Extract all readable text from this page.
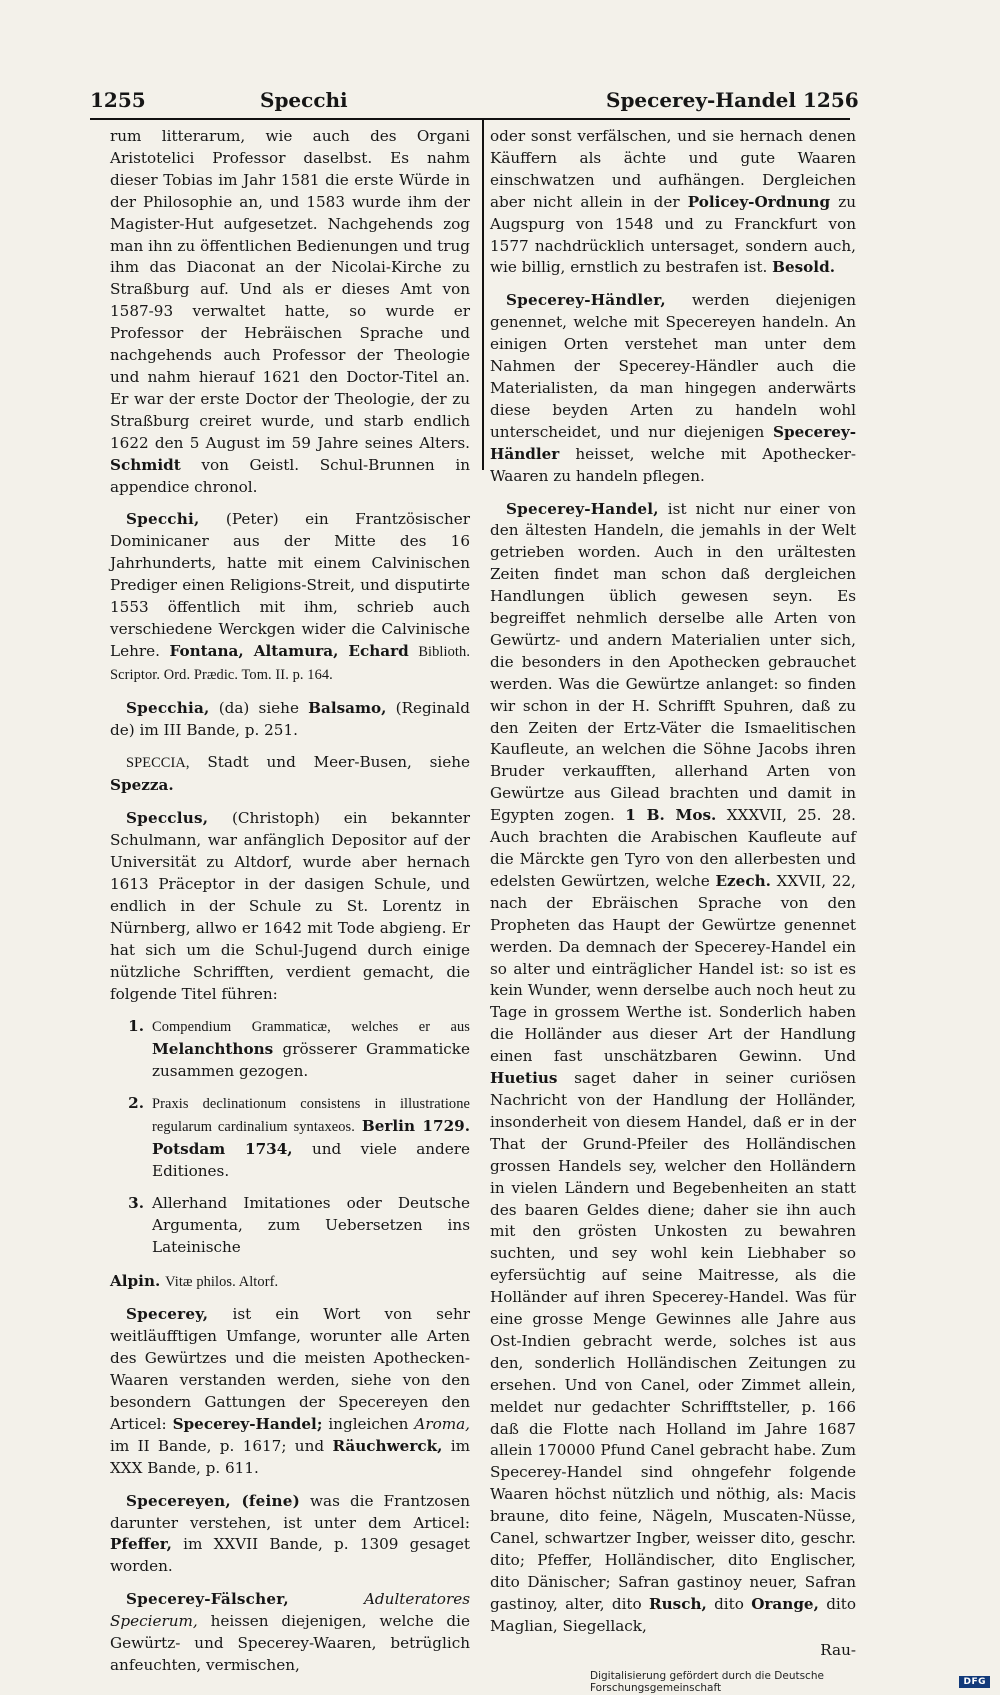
1255	Specchi	Specerey-Handel 1256

rum litterarum, wie auch des Organi Aristotelici Professor daselbst. Es nahm dieser Tobias im Jahr 1581 die erste Würde in der Philosophie an, und 1583 wurde ihm der Magister-Hut aufgesetzet. Nachgehends zog man ihn zu öffentlichen Bedienungen und trug ihm das Diaconat an der Nicolai-Kirche zu Straßburg auf. Und als er dieses Amt von 1587-93 verwaltet hatte, so wurde er Professor der Hebräischen Sprache und nachgehends auch Professor der Theologie und nahm hierauf 1621 den Doctor-Titel an. Er war der erste Doctor der Theologie, der zu Straßburg creiret wurde, und starb endlich 1622 den 5 August im 59 Jahre seines Alters. Schmidt von Geistl. Schul-Brunnen in appendice chronol.

Specchi, (Peter) ein Frantzösischer Dominicaner aus der Mitte des 16 Jahrhunderts, hatte mit einem Calvinischen Prediger einen Religions-Streit, und disputirte 1553 öffentlich mit ihm, schrieb auch verschiedene Werckgen wider die Calvinische Lehre. Fontana, Altamura, Echard Biblioth. Scriptor. Ord. Prædic. Tom. II. p. 164.

Specchia, (da) siehe Balsamo, (Reginald de) im III Bande, p. 251.

SPECCIA, Stadt und Meer-Busen, siehe Spezza.

Specclus, (Christoph) ein bekannter Schulmann, war anfänglich Depositor auf der Universität zu Altdorf, wurde aber hernach 1613 Präceptor in der dasigen Schule, und endlich in der Schule zu St. Lorentz in Nürnberg, allwo er 1642 mit Tode abgieng. Er hat sich um die Schul-Jugend durch einige nützliche Schrifften, verdient gemacht, die folgende Titel führen:

1. Compendium Grammaticæ, welches er aus Melanchthons grösserer Grammaticke zusammen gezogen.
2. Praxis declinationum consistens in illustratione regularum cardinalium syntaxeos. Berlin 1729. Potsdam 1734, und viele andere Editiones.
3. Allerhand Imitationes oder Deutsche Argumenta, zum Uebersetzen ins Lateinische

Alpin. Vitæ philos. Altorf.

Specerey, ist ein Wort von sehr weitläufftigen Umfange, worunter alle Arten des Gewürtzes und die meisten Apothecken-Waaren verstanden werden, siehe von den besondern Gattungen der Specereyen den Articel: Specerey-Handel; ingleichen Aroma, im II Bande, p. 1617; und Räuchwerck, im XXX Bande, p. 611.

Specereyen, (feine) was die Frantzosen darunter verstehen, ist unter dem Articel: Pfeffer, im XXVII Bande, p. 1309 gesaget worden.

Specerey-Fälscher,	Adulteratores Specierum, heissen diejenigen, welche die Gewürtz- und Specerey-Waaren, betrüglich anfeuchten, vermischen,

oder sonst verfälschen, und sie hernach denen Käuffern als ächte und gute Waaren einschwatzen und aufhängen. Dergleichen aber nicht allein in der Policey-Ordnung zu Augspurg von 1548 und zu Franckfurt von 1577 nachdrücklich untersaget, sondern auch, wie billig, ernstlich zu bestrafen ist. Besold.

Specerey-Händler, werden diejenigen genennet, welche mit Specereyen handeln. An einigen Orten verstehet man unter dem Nahmen der Specerey-Händler auch die Materialisten, da man hingegen anderwärts diese beyden Arten zu handeln wohl unterscheidet, und nur diejenigen Specerey-Händler heisset, welche mit Apothecker-Waaren zu handeln pflegen.

Specerey-Handel, ist nicht nur einer von den ältesten Handeln, die jemahls in der Welt getrieben worden. Auch in den urältesten Zeiten findet man schon daß dergleichen Handlungen üblich gewesen seyn. Es begreiffet nehmlich derselbe alle Arten von Gewürtz- und andern Materialien unter sich, die besonders in den Apothecken gebrauchet werden. Was die Gewürtze anlanget: so finden wir schon in der H. Schrifft Spuhren, daß zu den Zeiten der Ertz-Väter die Ismaelitischen Kaufleute, an welchen die Söhne Jacobs ihren Bruder verkaufften, allerhand Arten von Gewürtze aus Gilead brachten und damit in Egypten zogen. 1 B. Mos. XXXVII, 25. 28. Auch brachten die Arabischen Kaufleute auf die Märckte gen Tyro von den allerbesten und edelsten Gewürtzen, welche Ezech. XXVII, 22, nach der Ebräischen Sprache von den Propheten das Haupt der Gewürtze genennet werden. Da demnach der Specerey-Handel ein so alter und einträglicher Handel ist: so ist es kein Wunder, wenn derselbe auch noch heut zu Tage in grossem Werthe ist. Sonderlich haben die Holländer aus dieser Art der Handlung einen fast unschätzbaren Gewinn. Und Huetius saget daher in seiner curiösen Nachricht von der Handlung der Holländer, insonderheit von diesem Handel, daß er in der That der Grund-Pfeiler des Holländischen grossen Handels sey, welcher den Holländern in vielen Ländern und Begebenheiten an statt des baaren Geldes diene; daher sie ihn auch mit den grösten Unkosten zu bewahren suchten, und sey wohl kein Liebhaber so eyfersüchtig auf seine Maitresse, als die Holländer auf ihren Specerey-Handel. Was für eine grosse Menge Gewinnes alle Jahre aus Ost-Indien gebracht werde, solches ist aus den, sonderlich Holländischen Zeitungen zu ersehen. Und von Canel, oder Zimmet allein, meldet nur gedachter Schrifftsteller, p. 166 daß die Flotte nach Holland im Jahre 1687 allein 170000 Pfund Canel gebracht habe. Zum Specerey-Handel sind ohngefehr folgende Waaren höchst nützlich und nöthig, als: Macis braune, dito feine, Nägeln, Muscaten-Nüsse, Canel, schwartzer Ingber, weisser dito, geschr. dito; Pfeffer, Holländischer, dito Englischer, dito Dänischer; Safran gastinoy neuer, Safran gastinoy, alter, dito Rusch, dito Orange, dito Maglian, Siegellack,

Rau-

Digitalisierung gefördert durch die Deutsche Forschungsgemeinschaft	DFG
